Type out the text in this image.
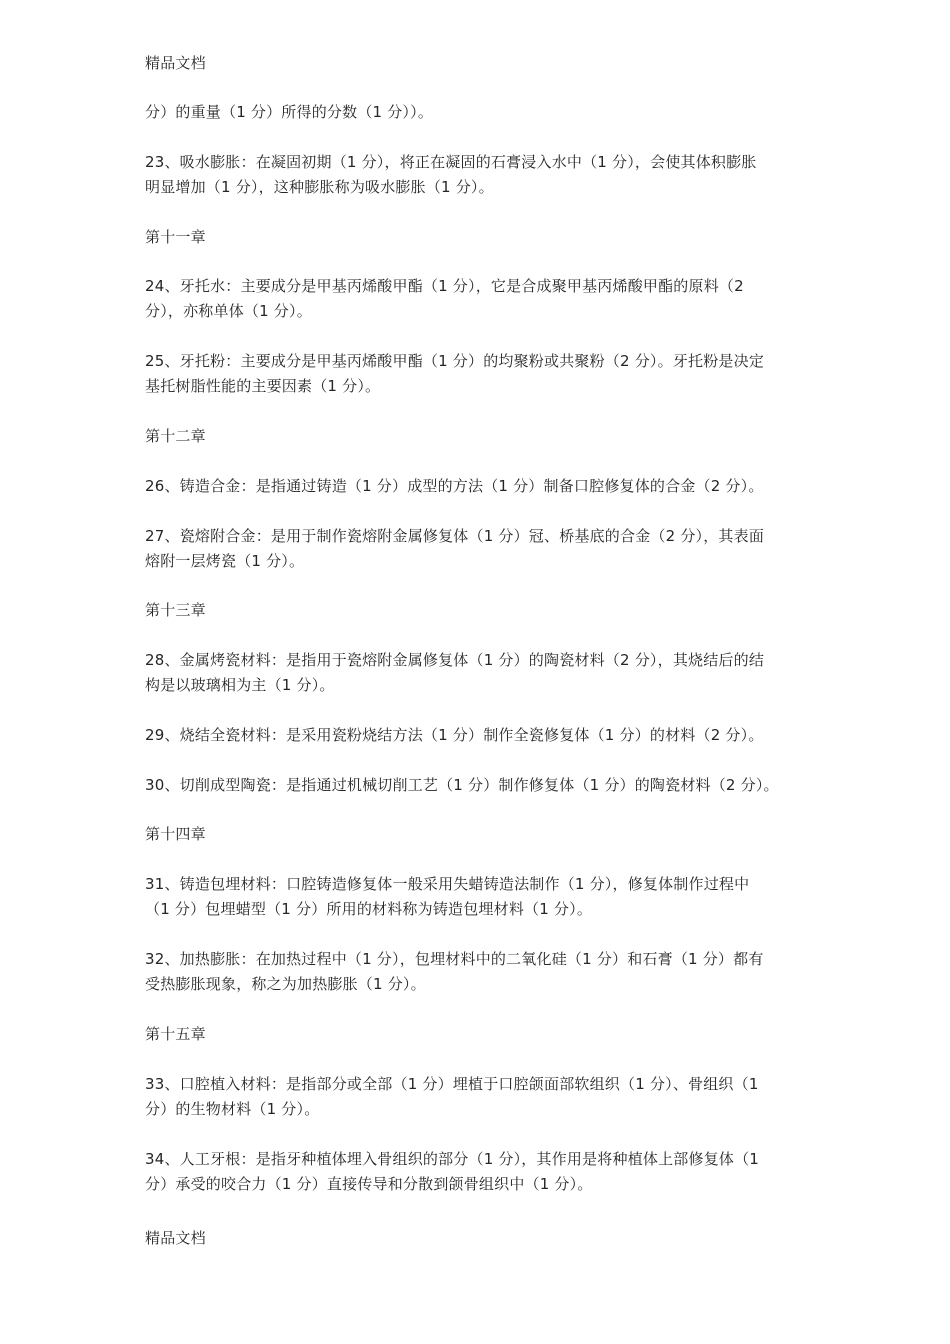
精品文档
分）的重量（1 分）所得的分数（1 分））。
23、吸水膨胀：在凝固初期（1 分），将正在凝固的石膏浸入水中（1 分），会使其体积膨胀
明显增加（1 分），这种膨胀称为吸水膨胀（1 分）。
第十一章
24、牙托水：主要成分是甲基丙烯酸甲酯（1 分），它是合成聚甲基丙烯酸甲酯的原料（2
分），亦称单体（1 分）。
25、牙托粉：主要成分是甲基丙烯酸甲酯（1 分）的均聚粉或共聚粉（2 分）。牙托粉是决定
基托树脂性能的主要因素（1 分）。
第十二章
26、铸造合金：是指通过铸造（1 分）成型的方法（1 分）制备口腔修复体的合金（2 分）。
27、瓷熔附合金：是用于制作瓷熔附金属修复体（1 分）冠、桥基底的合金（2 分），其表面
熔附一层烤瓷（1 分）。
第十三章
28、金属烤瓷材料：是指用于瓷熔附金属修复体（1 分）的陶瓷材料（2 分），其烧结后的结
构是以玻璃相为主（1 分）。
29、烧结全瓷材料：是采用瓷粉烧结方法（1 分）制作全瓷修复体（1 分）的材料（2 分）。
30、切削成型陶瓷：是指通过机械切削工艺（1 分）制作修复体（1 分）的陶瓷材料（2 分）。
第十四章
31、铸造包埋材料：口腔铸造修复体一般采用失蜡铸造法制作（1 分），修复体制作过程中
（1 分）包埋蜡型（1 分）所用的材料称为铸造包埋材料（1 分）。
32、加热膨胀：在加热过程中（1 分），包埋材料中的二氧化硅（1 分）和石膏（1 分）都有
受热膨胀现象，称之为加热膨胀（1 分）。
第十五章
33、口腔植入材料：是指部分或全部（1 分）埋植于口腔颌面部软组织（1 分）、骨组织（1
分）的生物材料（1 分）。
34、人工牙根：是指牙种植体埋入骨组织的部分（1 分），其作用是将种植体上部修复体（1
分）承受的咬合力（1 分）直接传导和分散到颌骨组织中（1 分）。
精品文档
